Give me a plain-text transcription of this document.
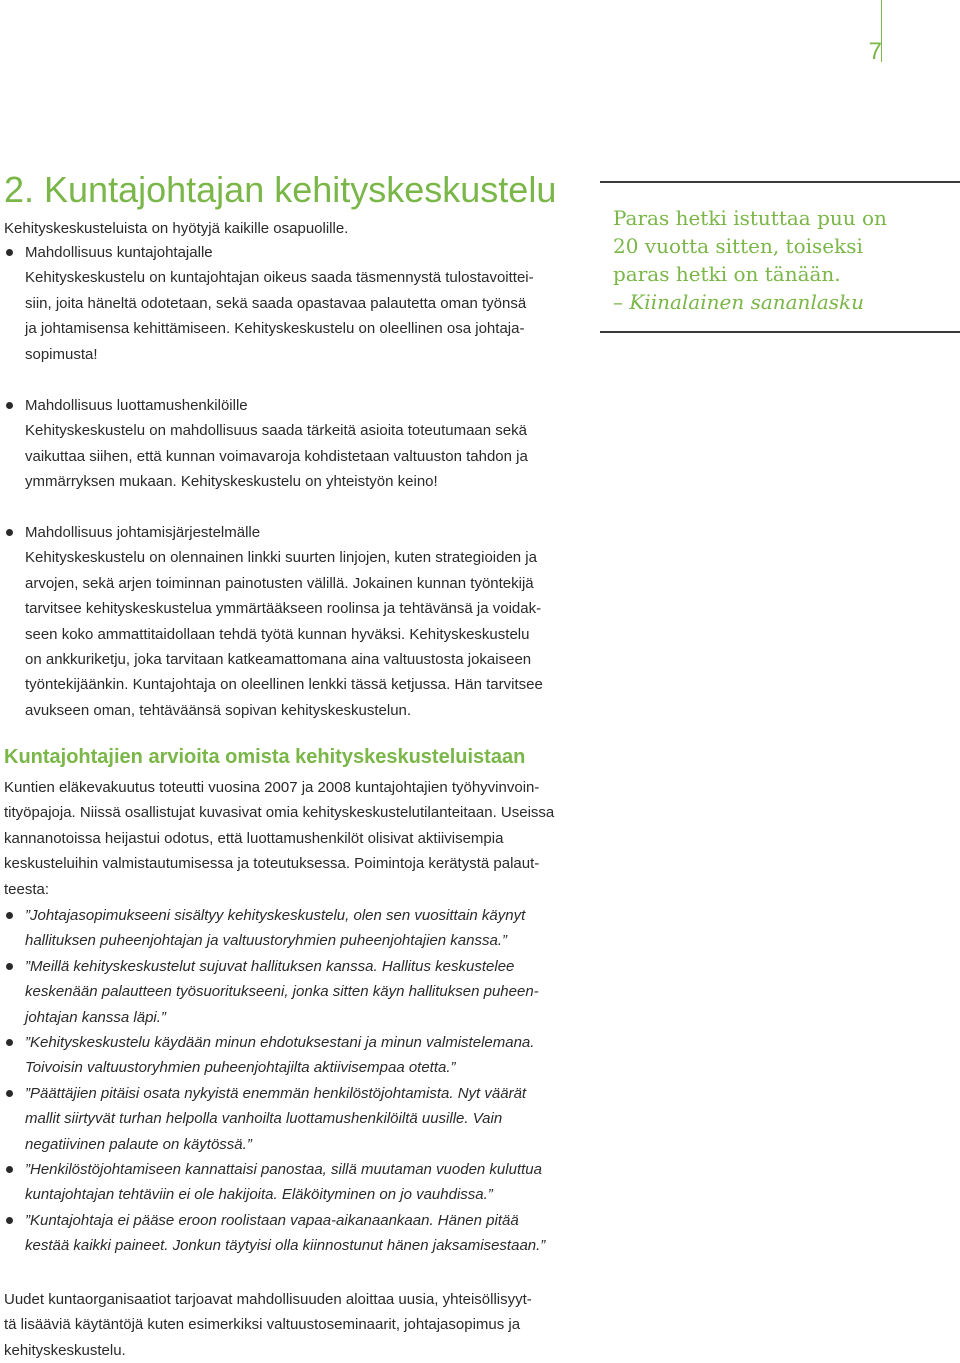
7
2. Kuntajohtajan kehityskeskustelu

Kehityskeskusteluista on hyötyjä kaikille osapuolille.

Mahdollisuus kuntajohtajalle
Kehityskeskustelu on kuntajohtajan oikeus saada täsmennystä tulostavoittei-
siin, joita häneltä odotetaan, sekä saada opastavaa palautetta oman työnsä
ja johtamisensa kehittämiseen. Kehityskeskustelu on oleellinen osa johtaja-
sopimusta!

Paras hetki istuttaa puu on
20 vuotta sitten, toiseksi
paras hetki on tänään.
– Kiinalainen sananlasku

Mahdollisuus luottamushenkilöille
Kehityskeskustelu on mahdollisuus saada tärkeitä asioita toteutumaan sekä
vaikuttaa siihen, että kunnan voimavaroja kohdistetaan valtuuston tahdon ja
ymmärryksen mukaan. Kehityskeskustelu on yhteistyön keino!
Mahdollisuus johtamisjärjestelmälle
Kehityskeskustelu on olennainen linkki suurten linjojen, kuten strategioiden ja
arvojen, sekä arjen toiminnan painotusten välillä. Jokainen kunnan työntekijä
tarvitsee kehityskeskustelua ymmärtääkseen roolinsa ja tehtävänsä ja voidak-
seen koko ammattitaidollaan tehdä työtä kunnan hyväksi. Kehityskeskustelu
on ankkuriketju, joka tarvitaan katkeamattomana aina valtuustosta jokaiseen
työntekijäänkin. Kuntajohtaja on oleellinen lenkki tässä ketjussa. Hän tarvitsee
avukseen oman, tehtäväänsä sopivan kehityskeskustelun.
Kuntajohtajien arvioita omista kehityskeskusteluistaan

Kuntien eläkevakuutus toteutti vuosina 2007 ja 2008 kuntajohtajien työhyvinvoin-
tityöpajoja. Niissä osallistujat kuvasivat omia kehityskeskustelutilanteitaan. Useissa
kannanotoissa heijastui odotus, että luottamushenkilöt olisivat aktiivisempia
keskusteluihin valmistautumisessa ja toteutuksessa. Poimintoja kerätystä palaut-
teesta:

”Johtajasopimukseeni sisältyy kehityskeskustelu, olen sen vuosittain käynyt
hallituksen puheenjohtajan ja valtuustoryhmien puheenjohtajien kanssa.”
”Meillä kehityskeskustelut sujuvat hallituksen kanssa. Hallitus keskustelee
keskenään palautteen työsuoritukseeni, jonka sitten käyn hallituksen puheen-
johtajan kanssa läpi.”
”Kehityskeskustelu käydään minun ehdotuksestani ja minun valmistelemana.
Toivoisin valtuustoryhmien puheenjohtajilta aktiivisempaa otetta.”
”Päättäjien pitäisi osata nykyistä enemmän henkilöstöjohtamista. Nyt väärät
mallit siirtyvät turhan helpolla vanhoilta luottamushenkilöiltä uusille. Vain
negatiivinen palaute on käytössä.”
”Henkilöstöjohtamiseen kannattaisi panostaa, sillä muutaman vuoden kuluttua
kuntajohtajan tehtäviin ei ole hakijoita. Eläköityminen on jo vauhdissa.”
”Kuntajohtaja ei pääse eroon roolistaan vapaa-aikanaankaan. Hänen pitää
kestää kaikki paineet. Jonkun täytyisi olla kiinnostunut hänen jaksamisestaan.”

Uudet kuntaorganisaatiot tarjoavat mahdollisuuden aloittaa uusia, yhteisöllisyyt-
tä lisääviä käytäntöjä kuten esimerkiksi valtuustoseminaarit, johtajasopimus ja
kehityskeskustelu.
